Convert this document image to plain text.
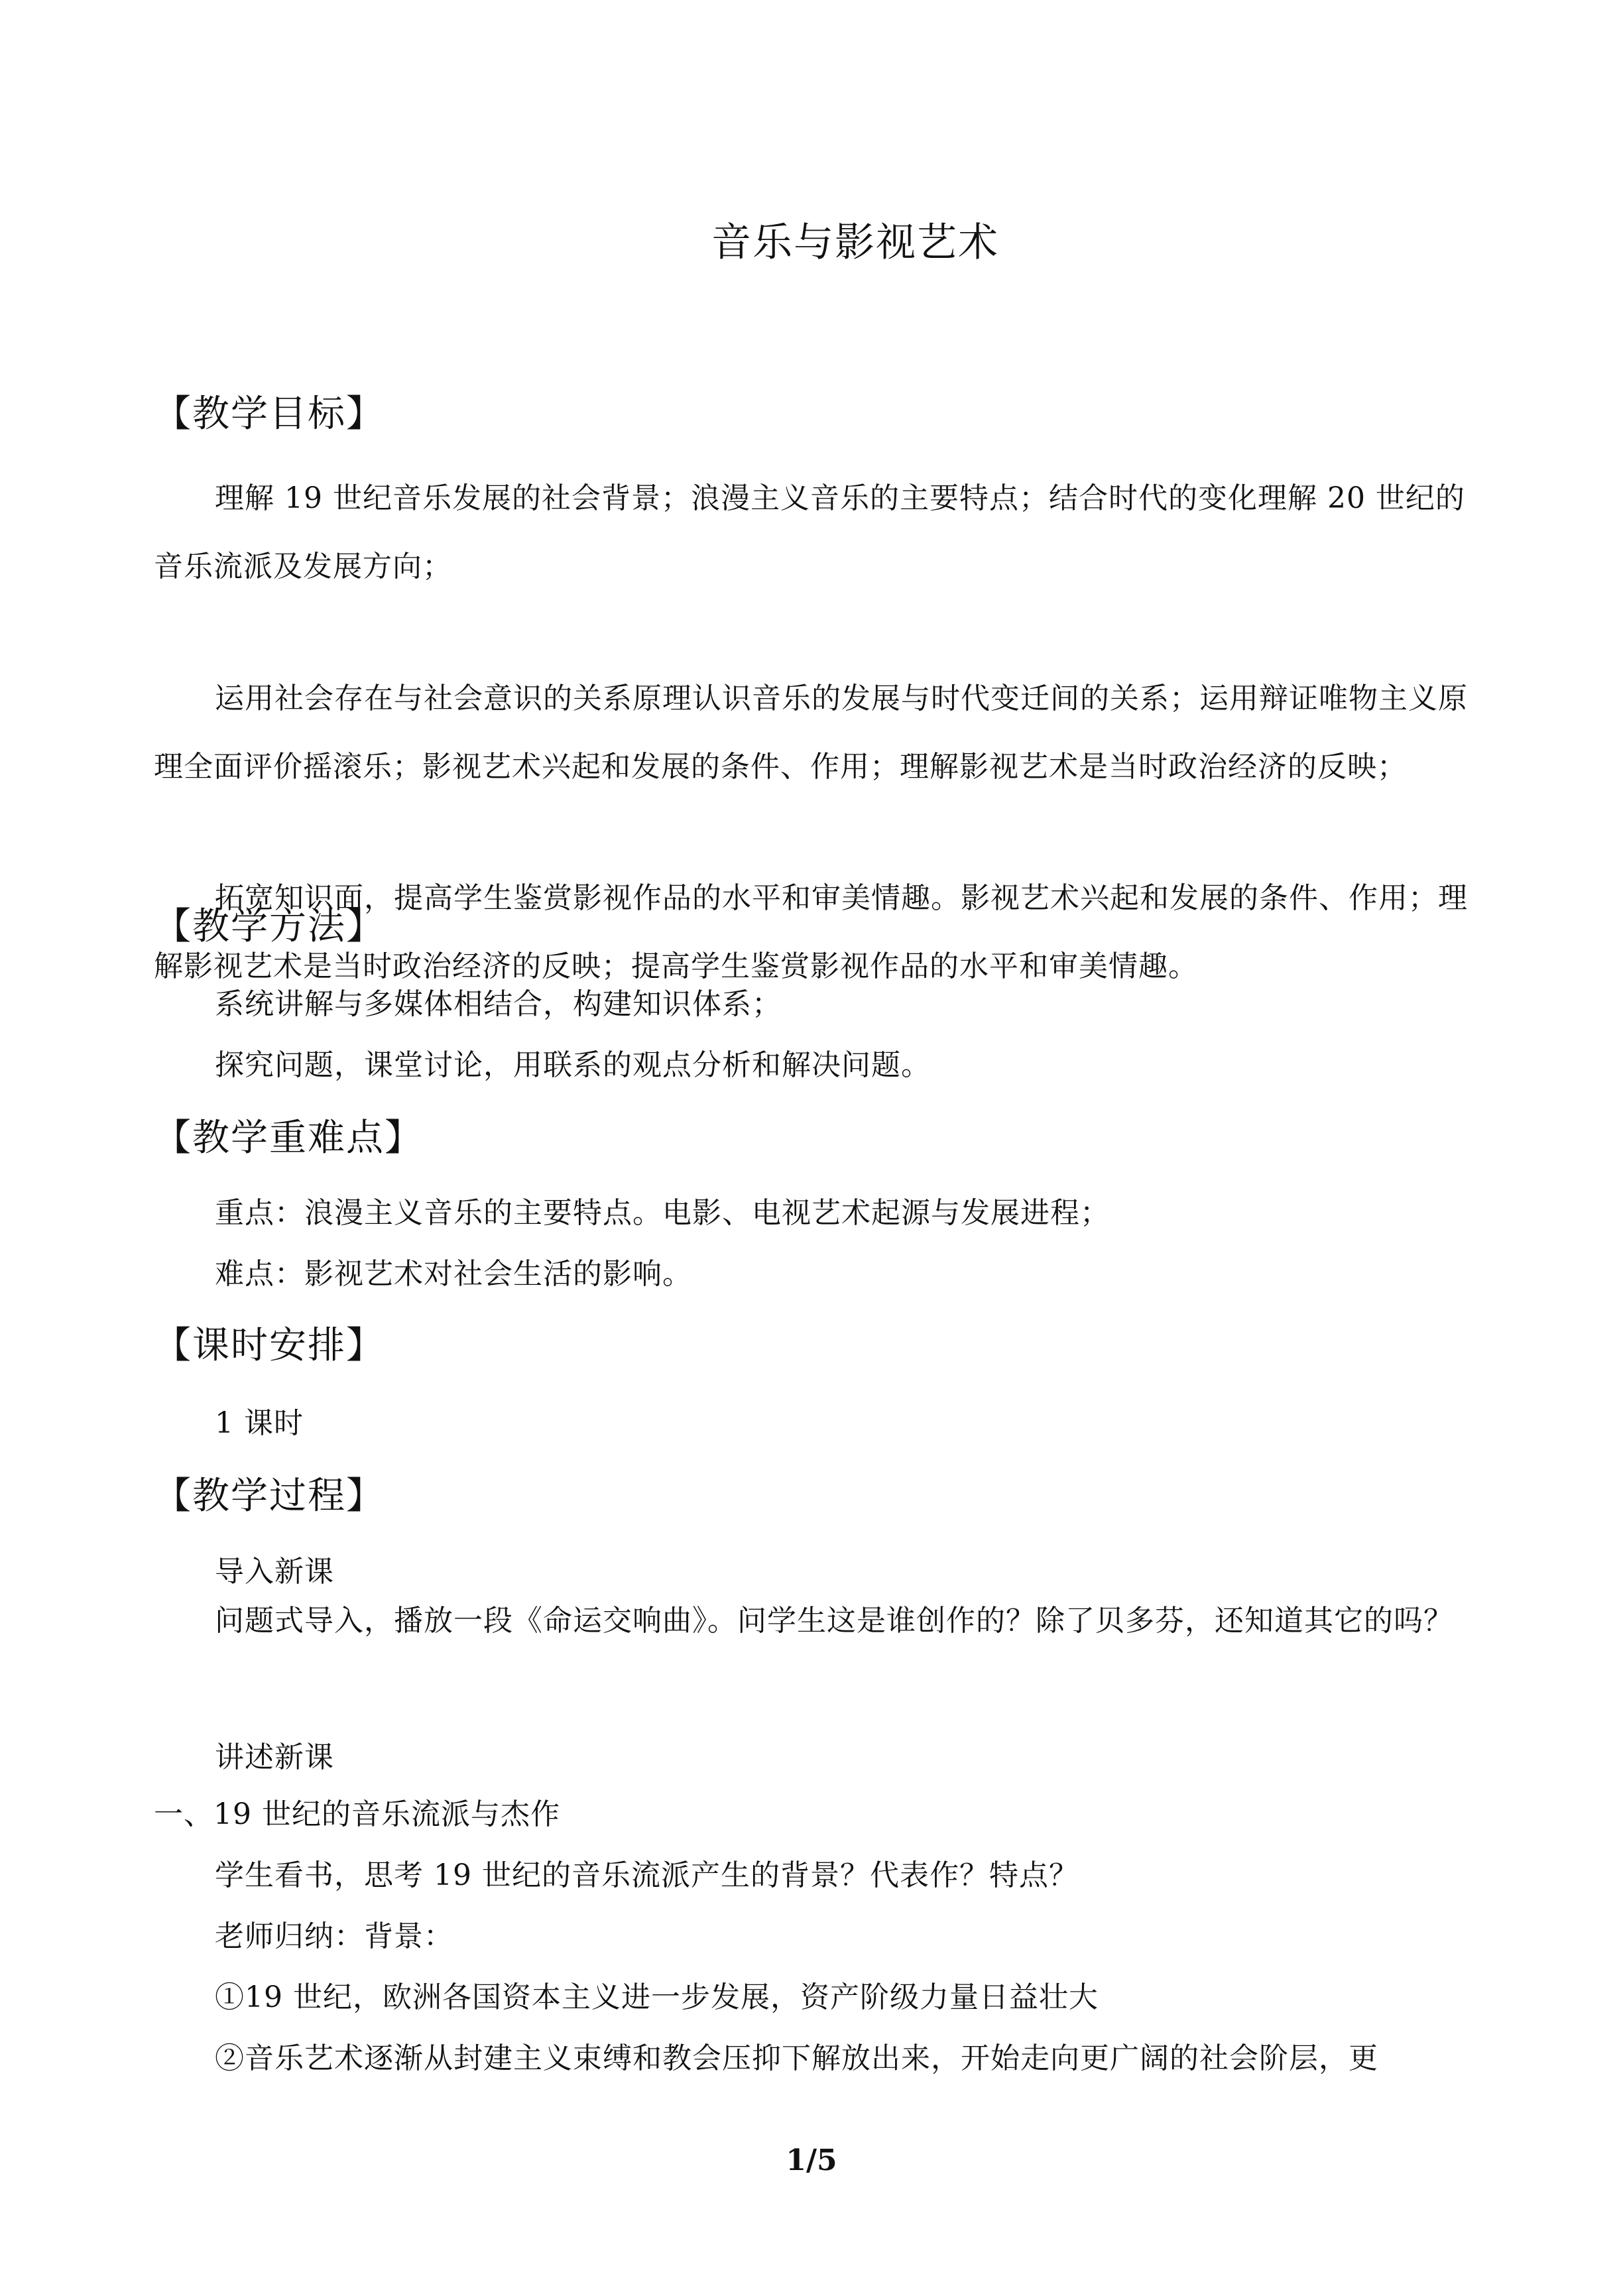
音乐与影视艺术
【教学目标】
理解 19 世纪音乐发展的社会背景；浪漫主义音乐的主要特点；结合时代的变化理解 20 世纪的音乐流派及发展方向；
运用社会存在与社会意识的关系原理认识音乐的发展与时代变迁间的关系；运用辩证唯物主义原理全面评价摇滚乐；影视艺术兴起和发展的条件、作用；理解影视艺术是当时政治经济的反映；
拓宽知识面，提高学生鉴赏影视作品的水平和审美情趣。影视艺术兴起和发展的条件、作用；理解影视艺术是当时政治经济的反映；提高学生鉴赏影视作品的水平和审美情趣。
【教学方法】
系统讲解与多媒体相结合，构建知识体系；
探究问题，课堂讨论，用联系的观点分析和解决问题。
【教学重难点】
重点：浪漫主义音乐的主要特点。电影、电视艺术起源与发展进程；
难点：影视艺术对社会生活的影响。
【课时安排】
1 课时
【教学过程】
导入新课
问题式导入，播放一段《命运交响曲》。问学生这是谁创作的？除了贝多芬，还知道其它的吗？
讲述新课
一、19 世纪的音乐流派与杰作
学生看书，思考 19 世纪的音乐流派产生的背景？代表作？特点？
老师归纳：背景：
①19 世纪，欧洲各国资本主义进一步发展，资产阶级力量日益壮大
②音乐艺术逐渐从封建主义束缚和教会压抑下解放出来，开始走向更广阔的社会阶层，更
1/5
